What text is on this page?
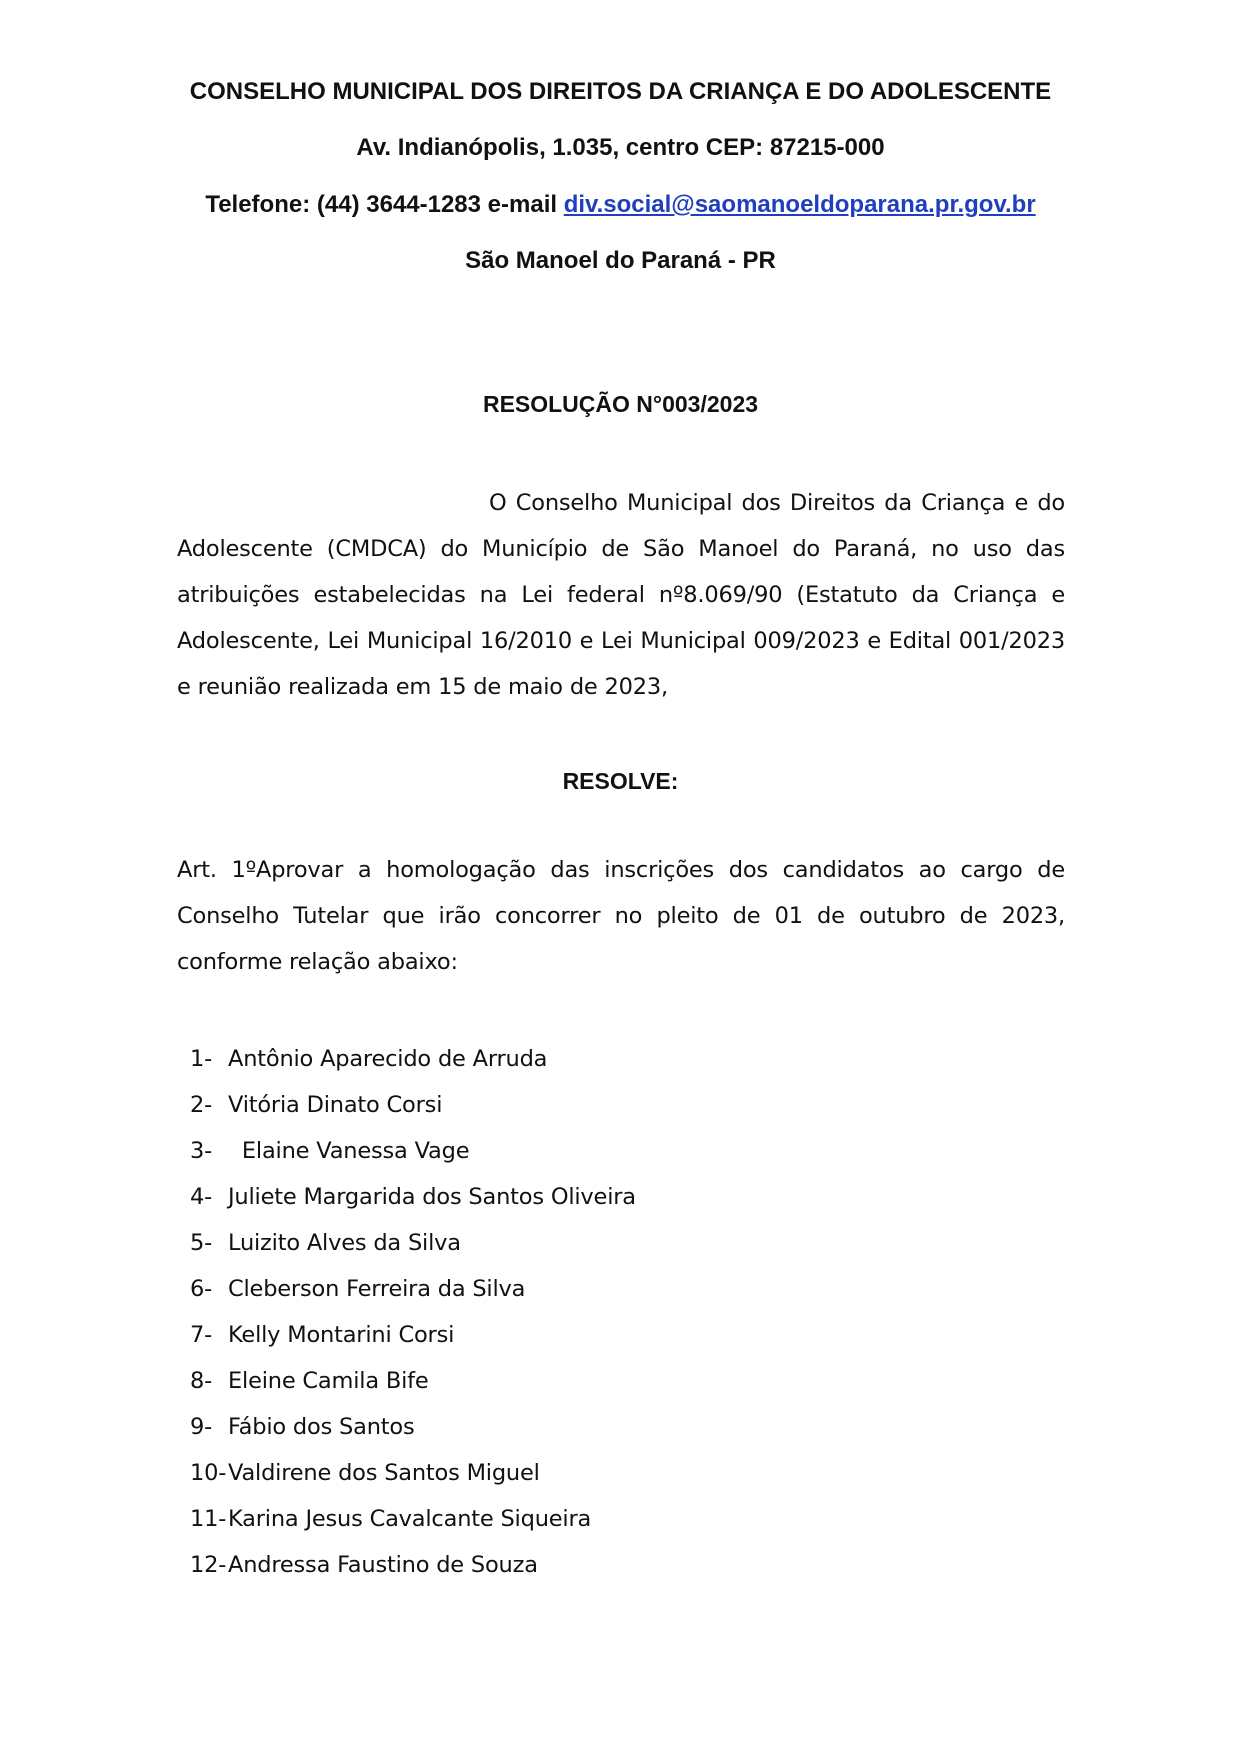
CONSELHO MUNICIPAL DOS DIREITOS DA CRIANÇA E DO ADOLESCENTE
Av. Indianópolis, 1.035, centro CEP: 87215-000
Telefone: (44) 3644-1283 e-mail div.social@saomanoeldoparana.pr.gov.br
São Manoel do Paraná - PR
RESOLUÇÃO N°003/2023
O Conselho Municipal dos Direitos da Criança e do Adolescente (CMDCA) do Município de São Manoel do Paraná, no uso das atribuições estabelecidas na Lei federal nº8.069/90 (Estatuto da Criança e Adolescente, Lei Municipal 16/2010 e Lei Municipal 009/2023 e Edital 001/2023 e reunião realizada em 15 de maio de 2023,
RESOLVE:
Art. 1ºAprovar a homologação das inscrições dos candidatos ao cargo de Conselho Tutelar que irão concorrer no pleito de 01 de outubro de 2023, conforme relação abaixo:
1- Antônio Aparecido de Arruda
2- Vitória Dinato Corsi
3-  Elaine Vanessa Vage
4- Juliete Margarida dos Santos Oliveira
5- Luizito Alves da Silva
6- Cleberson Ferreira da Silva
7- Kelly Montarini Corsi
8- Eleine Camila Bife
9- Fábio dos Santos
10-Valdirene dos Santos Miguel
11-Karina Jesus Cavalcante Siqueira
12-Andressa Faustino de Souza
